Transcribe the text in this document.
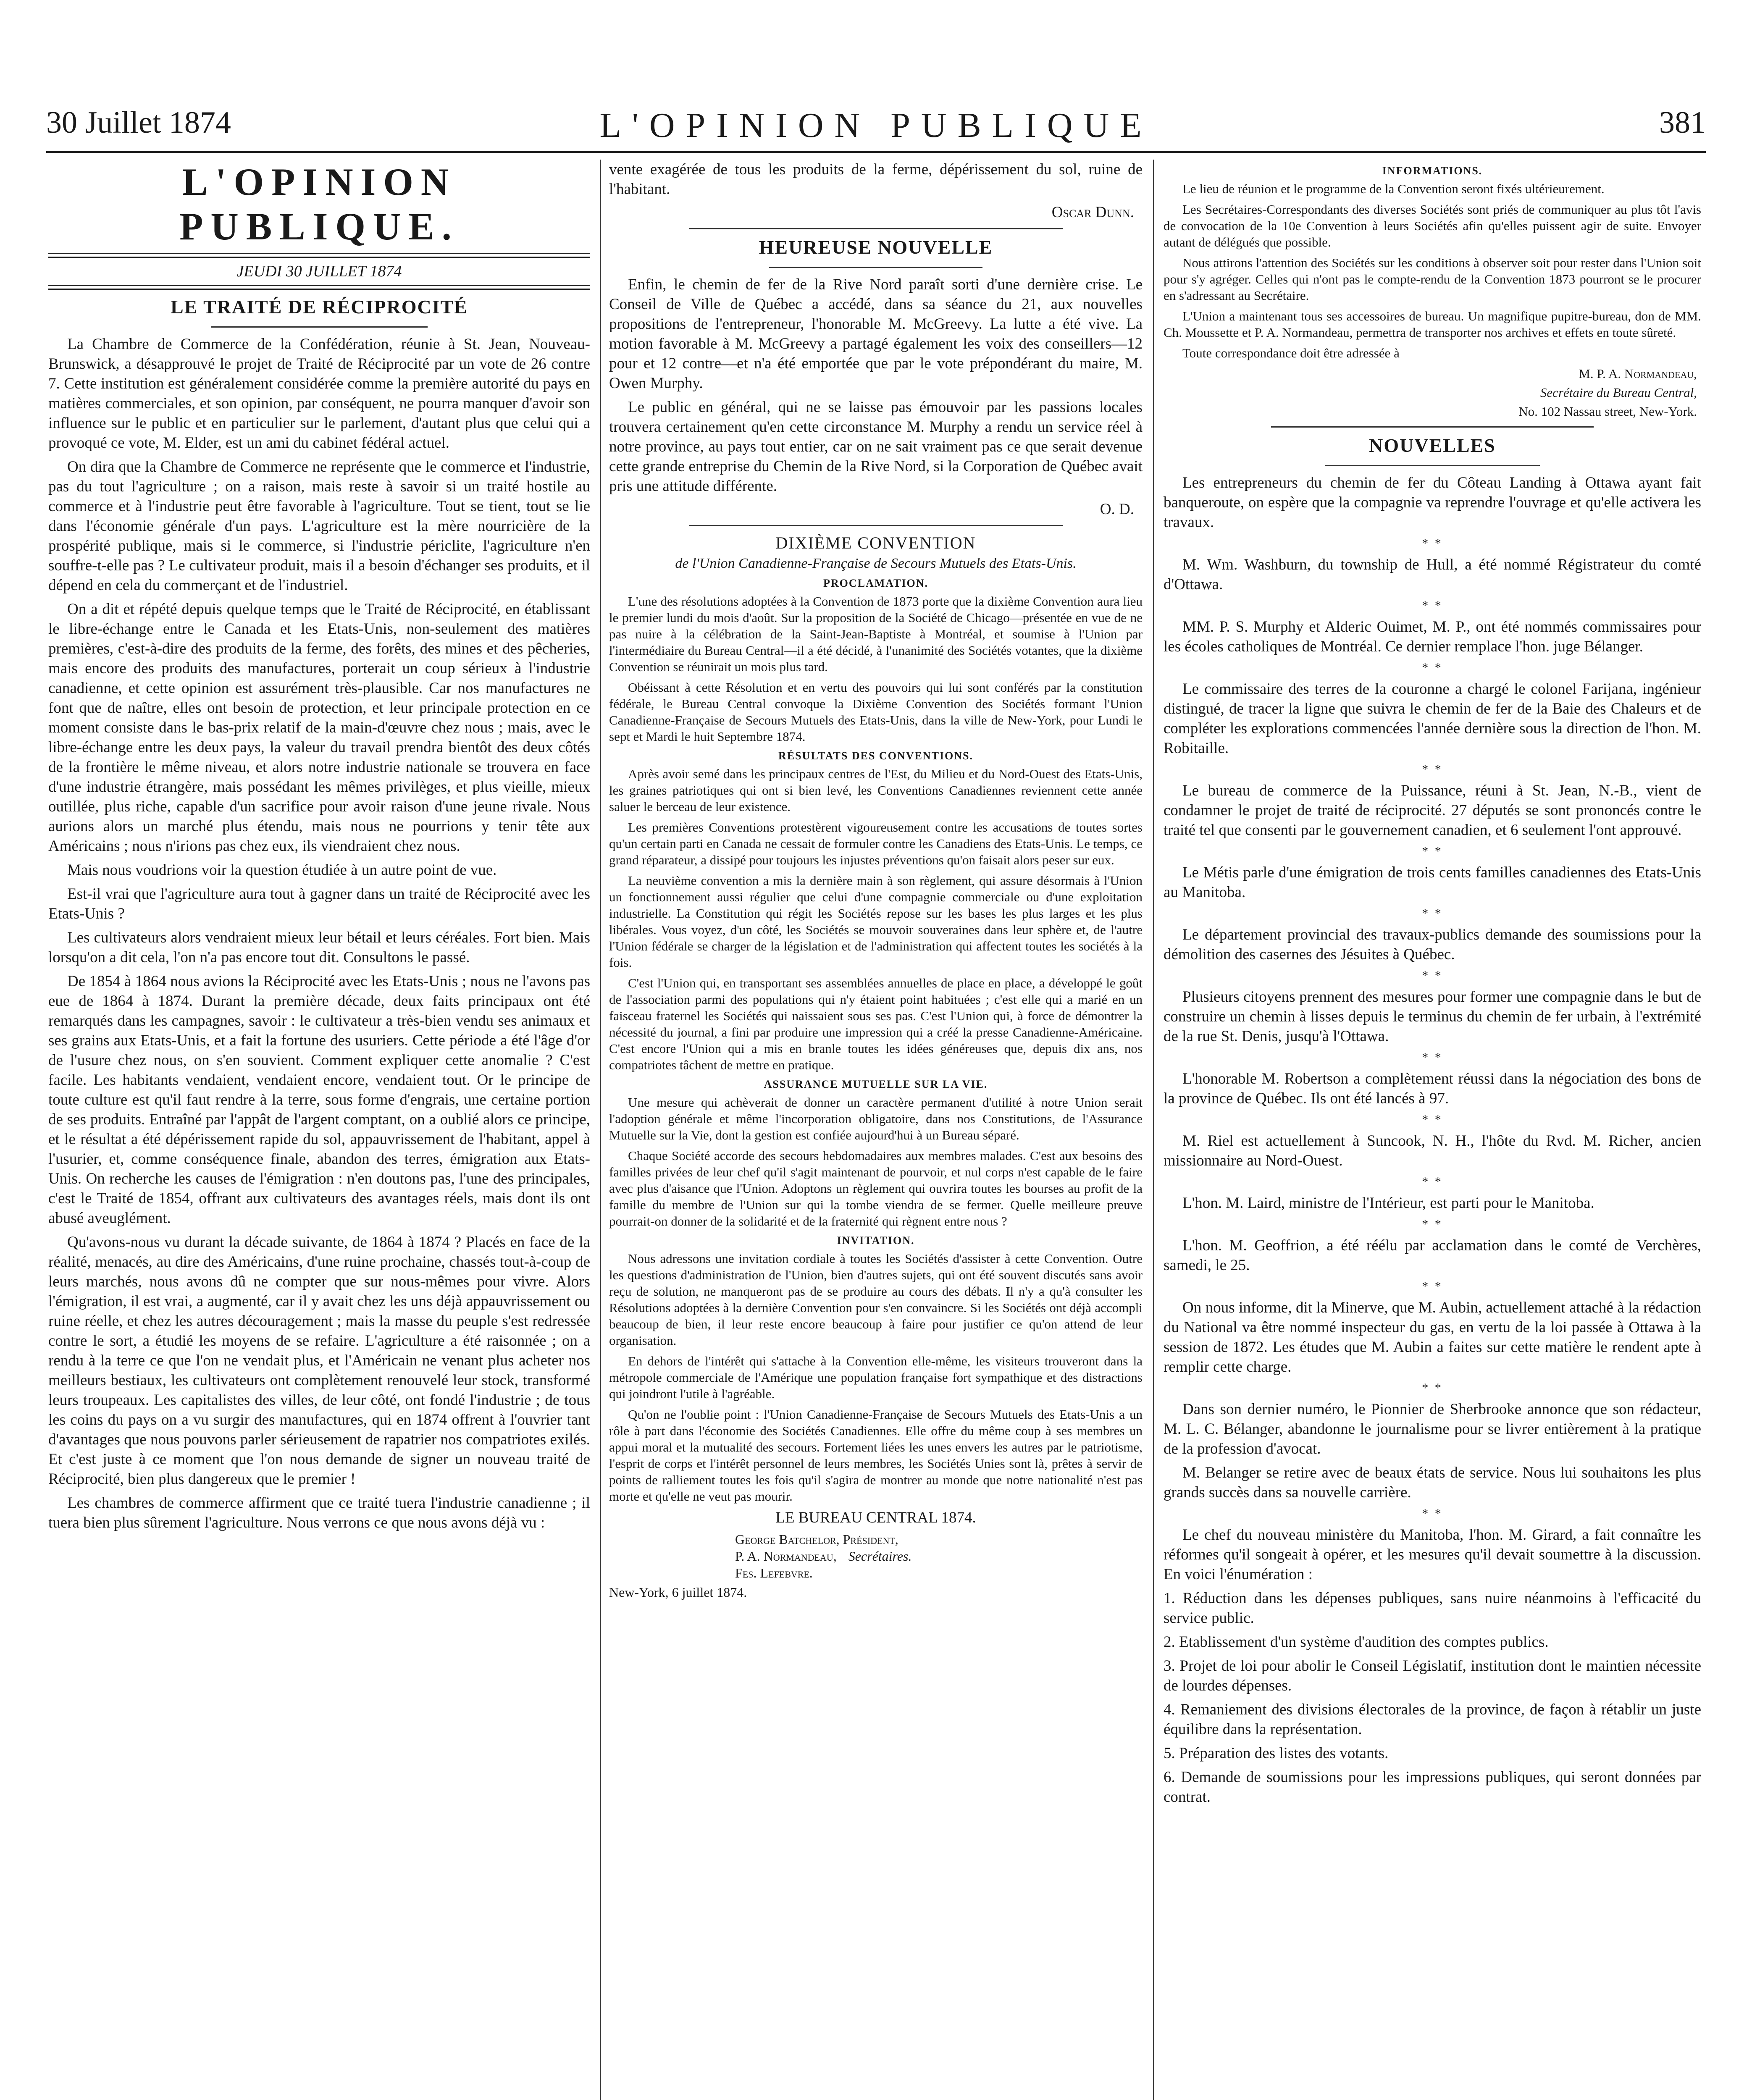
30 Juillet 1874	L'OPINION PUBLIQUE	381
L'OPINION PUBLIQUE.
JEUDI 30 JUILLET 1874
LE TRAITÉ DE RÉCIPROCITÉ

La Chambre de Commerce de la Confédération, réunie à St. Jean, Nouveau-Brunswick, a désapprouvé le projet de Traité de Réciprocité par un vote de 26 contre 7. Cette institution est généralement considérée comme la première autorité du pays en matières commerciales, et son opinion, par conséquent, ne pourra manquer d'avoir son influence sur le public et en particulier sur le parlement, d'autant plus que celui qui a provoqué ce vote, M. Elder, est un ami du cabinet fédéral actuel.

On dira que la Chambre de Commerce ne représente que le commerce et l'industrie, pas du tout l'agriculture ; on a raison, mais reste à savoir si un traité hostile au commerce et à l'industrie peut être favorable à l'agriculture. Tout se tient, tout se lie dans l'économie générale d'un pays. L'agriculture est la mère nourricière de la prospérité publique, mais si le commerce, si l'industrie périclite, l'agriculture n'en souffre-t-elle pas ? Le cultivateur produit, mais il a besoin d'échanger ses produits, et il dépend en cela du commerçant et de l'industriel.

On a dit et répété depuis quelque temps que le Traité de Réciprocité, en établissant le libre-échange entre le Canada et les Etats-Unis, non-seulement des matières premières, c'est-à-dire des produits de la ferme, des forêts, des mines et des pêcheries, mais encore des produits des manufactures, porterait un coup sérieux à l'industrie canadienne, et cette opinion est assurément très-plausible. Car nos manufactures ne font que de naître, elles ont besoin de protection, et leur principale protection en ce moment consiste dans le bas-prix relatif de la main-d'œuvre chez nous ; mais, avec le libre-échange entre les deux pays, la valeur du travail prendra bientôt des deux côtés de la frontière le même niveau, et alors notre industrie nationale se trouvera en face d'une industrie étrangère, mais possédant les mêmes privilèges, et plus vieille, mieux outillée, plus riche, capable d'un sacrifice pour avoir raison d'une jeune rivale. Nous aurions alors un marché plus étendu, mais nous ne pourrions y tenir tête aux Américains ; nous n'irions pas chez eux, ils viendraient chez nous.

Mais nous voudrions voir la question étudiée à un autre point de vue.

Est-il vrai que l'agriculture aura tout à gagner dans un traité de Réciprocité avec les Etats-Unis ?

Les cultivateurs alors vendraient mieux leur bétail et leurs céréales. Fort bien. Mais lorsqu'on a dit cela, l'on n'a pas encore tout dit. Consultons le passé.

De 1854 à 1864 nous avions la Réciprocité avec les Etats-Unis ; nous ne l'avons pas eue de 1864 à 1874. Durant la première décade, deux faits principaux ont été remarqués dans les campagnes, savoir : le cultivateur a très-bien vendu ses animaux et ses grains aux Etats-Unis, et a fait la fortune des usuriers. Cette période a été l'âge d'or de l'usure chez nous, on s'en souvient. Comment expliquer cette anomalie ? C'est facile. Les habitants vendaient, vendaient encore, vendaient tout. Or le principe de toute culture est qu'il faut rendre à la terre, sous forme d'engrais, une certaine portion de ses produits. Entraîné par l'appât de l'argent comptant, on a oublié alors ce principe, et le résultat a été dépérissement rapide du sol, appauvrissement de l'habitant, appel à l'usurier, et, comme conséquence finale, abandon des terres, émigration aux Etats-Unis. On recherche les causes de l'émigration : n'en doutons pas, l'une des principales, c'est le Traité de 1854, offrant aux cultivateurs des avantages réels, mais dont ils ont abusé aveuglément.

Qu'avons-nous vu durant la décade suivante, de 1864 à 1874 ? Placés en face de la réalité, menacés, au dire des Américains, d'une ruine prochaine, chassés tout-à-coup de leurs marchés, nous avons dû ne compter que sur nous-mêmes pour vivre. Alors l'émigration, il est vrai, a augmenté, car il y avait chez les uns déjà appauvrissement ou ruine réelle, et chez les autres découragement ; mais la masse du peuple s'est redressée contre le sort, a étudié les moyens de se refaire. L'agriculture a été raisonnée ; on a rendu à la terre ce que l'on ne vendait plus, et l'Américain ne venant plus acheter nos meilleurs bestiaux, les cultivateurs ont complètement renouvelé leur stock, transformé leurs troupeaux. Les capitalistes des villes, de leur côté, ont fondé l'industrie ; de tous les coins du pays on a vu surgir des manufactures, qui en 1874 offrent à l'ouvrier tant d'avantages que nous pouvons parler sérieusement de rapatrier nos compatriotes exilés. Et c'est juste à ce moment que l'on nous demande de signer un nouveau traité de Réciprocité, bien plus dangereux que le premier !

Les chambres de commerce affirment que ce traité tuera l'industrie canadienne ; il tuera bien plus sûrement l'agriculture. Nous verrons ce que nous avons déjà vu :

vente exagérée de tous les produits de la ferme, dépérissement du sol, ruine de l'habitant.

Oscar Dunn.
HEUREUSE NOUVELLE

Enfin, le chemin de fer de la Rive Nord paraît sorti d'une dernière crise. Le Conseil de Ville de Québec a accédé, dans sa séance du 21, aux nouvelles propositions de l'entrepreneur, l'honorable M. McGreevy. La lutte a été vive. La motion favorable à M. McGreevy a partagé également les voix des conseillers—12 pour et 12 contre—et n'a été emportée que par le vote prépondérant du maire, M. Owen Murphy.

Le public en général, qui ne se laisse pas émouvoir par les passions locales trouvera certainement qu'en cette circonstance M. Murphy a rendu un service réel à notre province, au pays tout entier, car on ne sait vraiment pas ce que serait devenue cette grande entreprise du Chemin de la Rive Nord, si la Corporation de Québec avait pris une attitude différente.

O. D.
DIXIÈME CONVENTION
de l'Union Canadienne-Française de Secours Mutuels des Etats-Unis.
PROCLAMATION.

L'une des résolutions adoptées à la Convention de 1873 porte que la dixième Convention aura lieu le premier lundi du mois d'août. Sur la proposition de la Société de Chicago—présentée en vue de ne pas nuire à la célébration de la Saint-Jean-Baptiste à Montréal, et soumise à l'Union par l'intermédiaire du Bureau Central—il a été décidé, à l'unanimité des Sociétés votantes, que la dixième Convention se réunirait un mois plus tard.

Obéissant à cette Résolution et en vertu des pouvoirs qui lui sont conférés par la constitution fédérale, le Bureau Central convoque la Dixième Convention des Sociétés formant l'Union Canadienne-Française de Secours Mutuels des Etats-Unis, dans la ville de New-York, pour Lundi le sept et Mardi le huit Septembre 1874.

RÉSULTATS DES CONVENTIONS.

Après avoir semé dans les principaux centres de l'Est, du Milieu et du Nord-Ouest des Etats-Unis, les graines patriotiques qui ont si bien levé, les Conventions Canadiennes reviennent cette année saluer le berceau de leur existence.

Les premières Conventions protestèrent vigoureusement contre les accusations de toutes sortes qu'un certain parti en Canada ne cessait de formuler contre les Canadiens des Etats-Unis. Le temps, ce grand réparateur, a dissipé pour toujours les injustes préventions qu'on faisait alors peser sur eux.

La neuvième convention a mis la dernière main à son règlement, qui assure désormais à l'Union un fonctionnement aussi régulier que celui d'une compagnie commerciale ou d'une exploitation industrielle. La Constitution qui régit les Sociétés repose sur les bases les plus larges et les plus libérales. Vous voyez, d'un côté, les Sociétés se mouvoir souveraines dans leur sphère et, de l'autre l'Union fédérale se charger de la législation et de l'administration qui affectent toutes les sociétés à la fois.

C'est l'Union qui, en transportant ses assemblées annuelles de place en place, a développé le goût de l'association parmi des populations qui n'y étaient point habituées ; c'est elle qui a marié en un faisceau fraternel les Sociétés qui naissaient sous ses pas. C'est l'Union qui, à force de démontrer la nécessité du journal, a fini par produire une impression qui a créé la presse Canadienne-Américaine. C'est encore l'Union qui a mis en branle toutes les idées généreuses que, depuis dix ans, nos compatriotes tâchent de mettre en pratique.

ASSURANCE MUTUELLE SUR LA VIE.

Une mesure qui achèverait de donner un caractère permanent d'utilité à notre Union serait l'adoption générale et même l'incorporation obligatoire, dans nos Constitutions, de l'Assurance Mutuelle sur la Vie, dont la gestion est confiée aujourd'hui à un Bureau séparé.

Chaque Société accorde des secours hebdomadaires aux membres malades. C'est aux besoins des familles privées de leur chef qu'il s'agit maintenant de pourvoir, et nul corps n'est capable de le faire avec plus d'aisance que l'Union. Adoptons un règlement qui ouvrira toutes les bourses au profit de la famille du membre de l'Union sur qui la tombe viendra de se fermer. Quelle meilleure preuve pourrait-on donner de la solidarité et de la fraternité qui règnent entre nous ?

INVITATION.

Nous adressons une invitation cordiale à toutes les Sociétés d'assister à cette Convention. Outre les questions d'administration de l'Union, bien d'autres sujets, qui ont été souvent discutés sans avoir reçu de solution, ne manqueront pas de se produire au cours des débats. Il n'y a qu'à consulter les Résolutions adoptées à la dernière Convention pour s'en convaincre. Si les Sociétés ont déjà accompli beaucoup de bien, il leur reste encore beaucoup à faire pour justifier ce qu'on attend de leur organisation.

En dehors de l'intérêt qui s'attache à la Convention elle-même, les visiteurs trouveront dans la métropole commerciale de l'Amérique une population française fort sympathique et des distractions qui joindront l'utile à l'agréable.

Qu'on ne l'oublie point : l'Union Canadienne-Française de Secours Mutuels des Etats-Unis a un rôle à part dans l'économie des Sociétés Canadiennes. Elle offre du même coup à ses membres un appui moral et la mutualité des secours. Fortement liées les unes envers les autres par le patriotisme, l'esprit de corps et l'intérêt personnel de leurs membres, les Sociétés Unies sont là, prêtes à servir de points de ralliement toutes les fois qu'il s'agira de montrer au monde que notre nationalité n'est pas morte et qu'elle ne veut pas mourir.

LE BUREAU CENTRAL 1874.
George Batchelor, Président,
P. A. Normandeau, Secrétaires.
Fes. Lefebvre.
New-York, 6 juillet 1874.
INFORMATIONS.

Le lieu de réunion et le programme de la Convention seront fixés ultérieurement.

Les Secrétaires-Correspondants des diverses Sociétés sont priés de communiquer au plus tôt l'avis de convocation de la 10e Convention à leurs Sociétés afin qu'elles puissent agir de suite. Envoyer autant de délégués que possible.

Nous attirons l'attention des Sociétés sur les conditions à observer soit pour rester dans l'Union soit pour s'y agréger. Celles qui n'ont pas le compte-rendu de la Convention 1873 pourront se le procurer en s'adressant au Secrétaire.

L'Union a maintenant tous ses accessoires de bureau. Un magnifique pupitre-bureau, don de MM. Ch. Moussette et P. A. Normandeau, permettra de transporter nos archives et effets en toute sûreté.

Toute correspondance doit être adressée à

M. P. A. Normandeau,
Secrétaire du Bureau Central,
No. 102 Nassau street, New-York.
NOUVELLES

Les entrepreneurs du chemin de fer du Côteau Landing à Ottawa ayant fait banqueroute, on espère que la compagnie va reprendre l'ouvrage et qu'elle activera les travaux.

* *

M. Wm. Washburn, du township de Hull, a été nommé Régistrateur du comté d'Ottawa.

* *

MM. P. S. Murphy et Alderic Ouimet, M. P., ont été nommés commissaires pour les écoles catholiques de Montréal. Ce dernier remplace l'hon. juge Bélanger.

* *

Le commissaire des terres de la couronne a chargé le colonel Farijana, ingénieur distingué, de tracer la ligne que suivra le chemin de fer de la Baie des Chaleurs et de compléter les explorations commencées l'année dernière sous la direction de l'hon. M. Robitaille.

* *

Le bureau de commerce de la Puissance, réuni à St. Jean, N.-B., vient de condamner le projet de traité de réciprocité. 27 députés se sont prononcés contre le traité tel que consenti par le gouvernement canadien, et 6 seulement l'ont approuvé.

* *

Le Métis parle d'une émigration de trois cents familles canadiennes des Etats-Unis au Manitoba.

* *

Le département provincial des travaux-publics demande des soumissions pour la démolition des casernes des Jésuites à Québec.

* *

Plusieurs citoyens prennent des mesures pour former une compagnie dans le but de construire un chemin à lisses depuis le terminus du chemin de fer urbain, à l'extrémité de la rue St. Denis, jusqu'à l'Ottawa.

* *

L'honorable M. Robertson a complètement réussi dans la négociation des bons de la province de Québec. Ils ont été lancés à 97.

* *

M. Riel est actuellement à Suncook, N. H., l'hôte du Rvd. M. Richer, ancien missionnaire au Nord-Ouest.

* *

L'hon. M. Laird, ministre de l'Intérieur, est parti pour le Manitoba.

* *

L'hon. M. Geoffrion, a été réélu par acclamation dans le comté de Verchères, samedi, le 25.

* *

On nous informe, dit la Minerve, que M. Aubin, actuellement attaché à la rédaction du National va être nommé inspecteur du gas, en vertu de la loi passée à Ottawa à la session de 1872. Les études que M. Aubin a faites sur cette matière le rendent apte à remplir cette charge.

* *

Dans son dernier numéro, le Pionnier de Sherbrooke annonce que son rédacteur, M. L. C. Bélanger, abandonne le journalisme pour se livrer entièrement à la pratique de la profession d'avocat.

M. Belanger se retire avec de beaux états de service. Nous lui souhaitons les plus grands succès dans sa nouvelle carrière.

* *

Le chef du nouveau ministère du Manitoba, l'hon. M. Girard, a fait connaître les réformes qu'il songeait à opérer, et les mesures qu'il devait soumettre à la discussion. En voici l'énumération :

1. Réduction dans les dépenses publiques, sans nuire néanmoins à l'efficacité du service public.

2. Etablissement d'un système d'audition des comptes publics.

3. Projet de loi pour abolir le Conseil Législatif, institution dont le maintien nécessite de lourdes dépenses.

4. Remaniement des divisions électorales de la province, de façon à rétablir un juste équilibre dans la représentation.

5. Préparation des listes des votants.

6. Demande de soumissions pour les impressions publiques, qui seront données par contrat.
